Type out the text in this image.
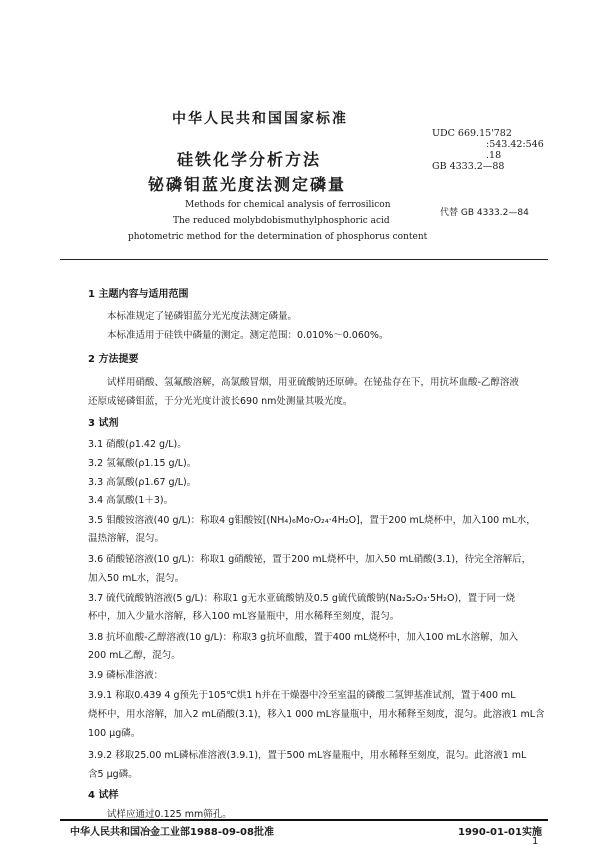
中华人民共和国国家标准
UDC 669.15'782
:543.42:546
.18
GB 4333.2—88
硅铁化学分析方法
铋磷钼蓝光度法测定磷量
代替 GB 4333.2—84
Methods for chemical analysis of ferrosilicon
The reduced molybdobismuthylphosphoric acid
photometric method for the determination of phosphorus content
1 主题内容与适用范围
本标准规定了铋磷钼蓝分光光度法测定磷量。
本标准适用于硅铁中磷量的测定。测定范围：0.010%～0.060%。
2 方法提要
试样用硝酸、氢氟酸溶解，高氯酸冒烟，用亚硫酸钠还原砷。在铋盐存在下，用抗坏血酸-乙醇溶液
还原成铋磷钼蓝，于分光光度计波长690 nm处测量其吸光度。
3 试剂
3.1 硝酸(ρ1.42 g/L)。
3.2 氢氟酸(ρ1.15 g/L)。
3.3 高氯酸(ρ1.67 g/L)。
3.4 高氯酸(1＋3)。
3.5 钼酸铵溶液(40 g/L)：称取4 g钼酸铵[(NH₄)₆Mo₇O₂₄·4H₂O]，置于200 mL烧杯中，加入100 mL水，
温热溶解，混匀。
3.6 硝酸铋溶液(10 g/L)：称取1 g硝酸铋，置于200 mL烧杯中，加入50 mL硝酸(3.1)，待完全溶解后，
加入50 mL水，混匀。
3.7 硫代硫酸钠溶液(5 g/L)：称取1 g无水亚硫酸钠及0.5 g硫代硫酸钠(Na₂S₂O₃·5H₂O)，置于同一烧
杯中，加入少量水溶解，移入100 mL容量瓶中，用水稀释至刻度，混匀。
3.8 抗坏血酸-乙醇溶液(10 g/L)：称取3 g抗坏血酸，置于400 mL烧杯中，加入100 mL水溶解，加入
200 mL乙醇，混匀。
3.9 磷标准溶液：
3.9.1 称取0.439 4 g预先于105℃烘1 h并在干燥器中冷至室温的磷酸二氢钾基准试剂，置于400 mL
烧杯中，用水溶解，加入2 mL硝酸(3.1)，移入1 000 mL容量瓶中，用水稀释至刻度，混匀。此溶液1 mL含
100 μg磷。
3.9.2 移取25.00 mL磷标准溶液(3.9.1)，置于500 mL容量瓶中，用水稀释至刻度，混匀。此溶液1 mL
含5 μg磷。
4 试样
试样应通过0.125 mm筛孔。
中华人民共和国冶金工业部1988-09-08批准	1990-01-01实施
1
